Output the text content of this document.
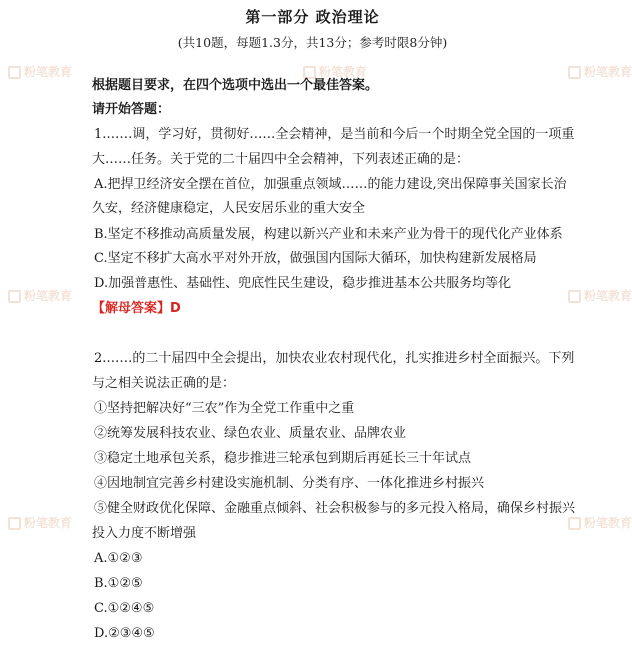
第一部分 政治理论
(共10题，每题1.3分，共13分；参考时限8分钟)
粉笔教育	粉笔教育	粉笔教育
粉笔教育	粉笔教育
粉笔教育	粉笔教育
根据题目要求，在四个选项中选出一个最佳答案。
请开始答题：
1.……调，学习好，贯彻好……全会精神，是当前和今后一个时期全党全国的一项重
大……任务。关于党的二十届四中全会精神，下列表述正确的是：
A.把捍卫经济安全摆在首位，加强重点领域……的能力建设,突出保障事关国家长治
久安，经济健康稳定，人民安居乐业的重大安全
B.坚定不移推动高质量发展，构建以新兴产业和未来产业为骨干的现代化产业体系
C.坚定不移扩大高水平对外开放，做强国内国际大循环，加快构建新发展格局
D.加强普惠性、基础性、兜底性民生建设，稳步推进基本公共服务均等化
【解母答案】D
2.……的二十届四中全会提出，加快农业农村现代化，扎实推进乡村全面振兴。下列
与之相关说法正确的是：
①坚持把解决好“三农”作为全党工作重中之重
②统筹发展科技农业、绿色农业、质量农业、品牌农业
③稳定土地承包关系，稳步推进三轮承包到期后再延长三十年试点
④因地制宜完善乡村建设实施机制、分类有序、一体化推进乡村振兴
⑤健全财政优化保障、金融重点倾斜、社会积极参与的多元投入格局，确保乡村振兴
投入力度不断增强
A.①②③
B.①②⑤
C.①②④⑤
D.②③④⑤
